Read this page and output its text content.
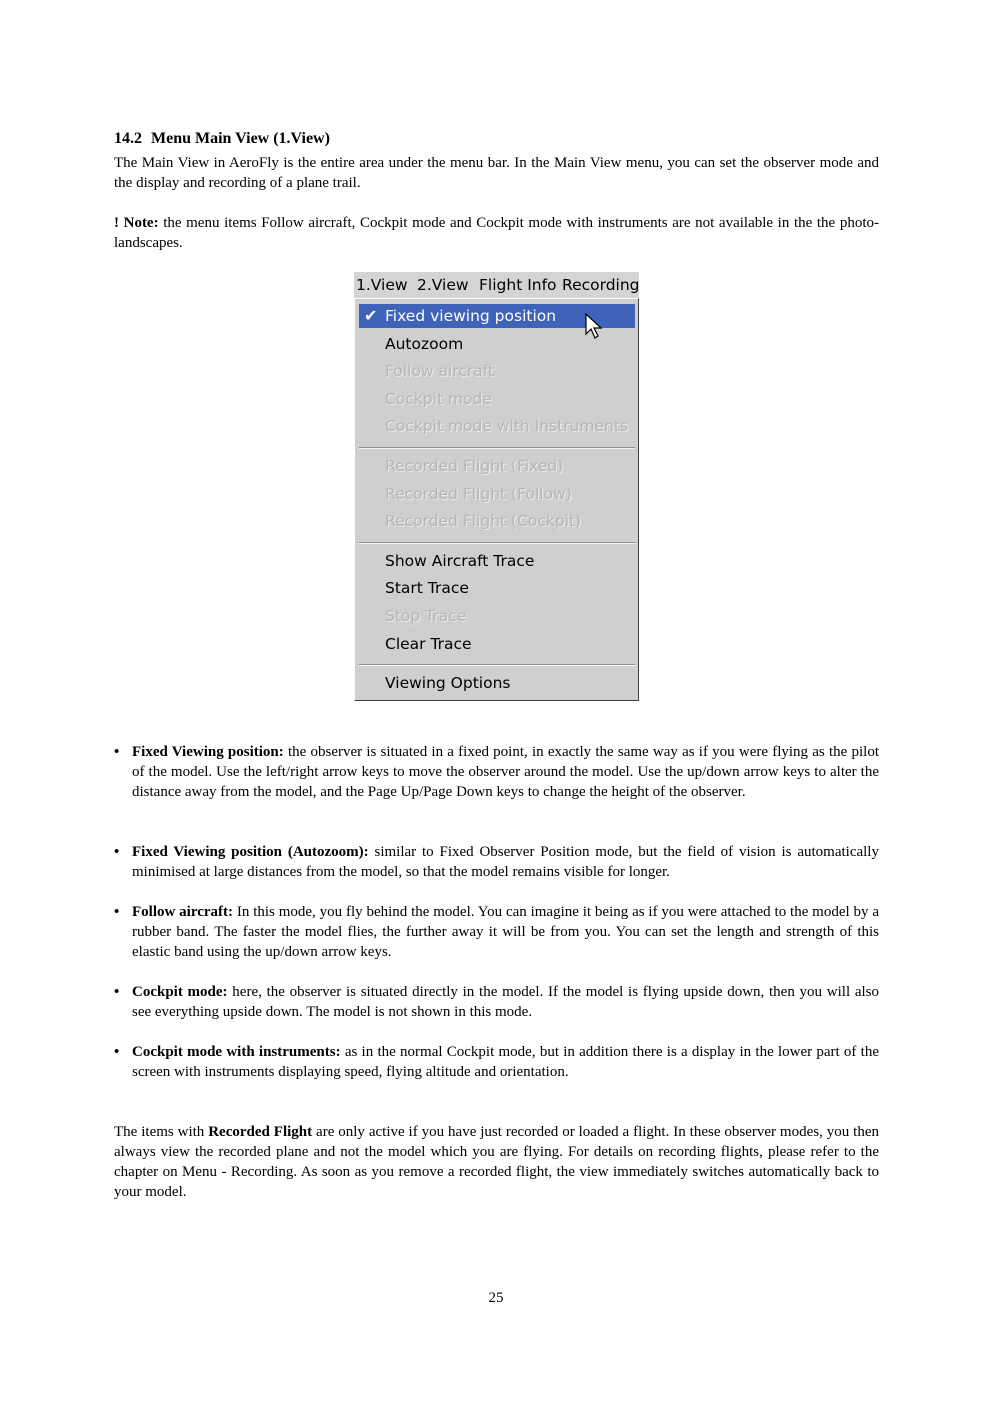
14.2 Menu Main View (1.View)
The Main View in AeroFly is the entire area under the menu bar. In the Main View menu, you can set the observer mode and the display and recording of a plane trail.
! Note: the menu items Follow aircraft, Cockpit mode and Cockpit mode with instruments are not available in the the photo-landscapes.
1.View 2.View Flight Info Recording
✔ Fixed viewing position
Autozoom
Follow aircraft
Cockpit mode
Cockpit mode with Instruments
Recorded Flight (Fixed)
Recorded Flight (Follow)
Recorded Flight (Cockpit)
Show Aircraft Trace
Start Trace
Stop Trace
Clear Trace
Viewing Options
• Fixed Viewing position: the observer is situated in a fixed point, in exactly the same way as if you were flying as the pilot of the model. Use the left/right arrow keys to move the observer around the model. Use the up/down arrow keys to alter the distance away from the model, and the Page Up/Page Down keys to change the height of the observer.
• Fixed Viewing position (Autozoom): similar to Fixed Observer Position mode, but the field of vision is automatically minimised at large distances from the model, so that the model remains visible for longer.
• Follow aircraft: In this mode, you fly behind the model. You can imagine it being as if you were attached to the model by a rubber band. The faster the model flies, the further away it will be from you. You can set the length and strength of this elastic band using the up/down arrow keys.
• Cockpit mode: here, the observer is situated directly in the model. If the model is flying upside down, then you will also see everything upside down. The model is not shown in this mode.
• Cockpit mode with instruments: as in the normal Cockpit mode, but in addition there is a display in the lower part of the screen with instruments displaying speed, flying altitude and orientation.
The items with Recorded Flight are only active if you have just recorded or loaded a flight. In these observer modes, you then always view the recorded plane and not the model which you are flying. For details on recording flights, please refer to the chapter on Menu - Recording. As soon as you remove a recorded flight, the view immediately switches automatically back to your model.
25
